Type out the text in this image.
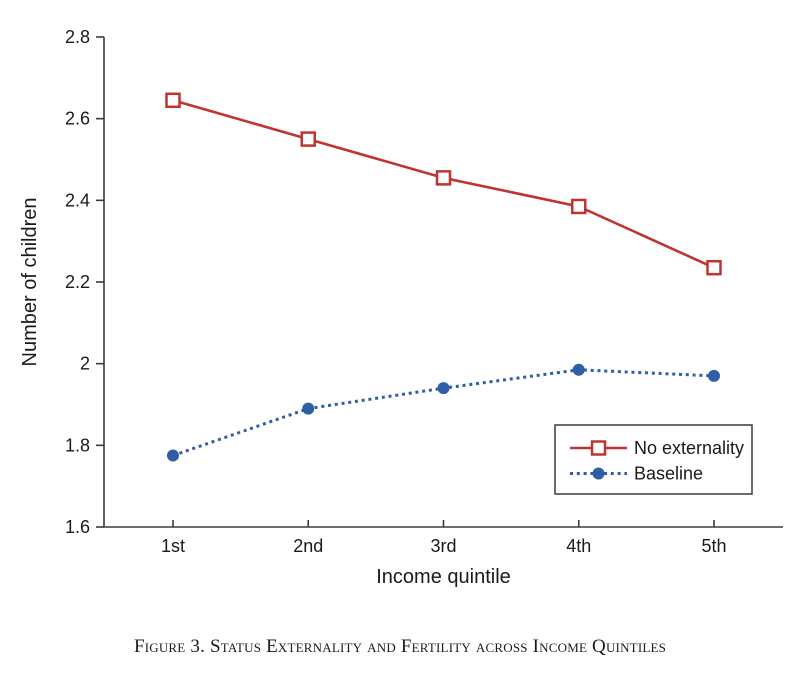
1.6
1.8
2
2.2
2.4
2.6
2.8
1st	2nd	3rd	4th	5th
Income quintile
Number of children
No externality
Baseline
Figure 3. Status Externality and Fertility across Income Quintiles
